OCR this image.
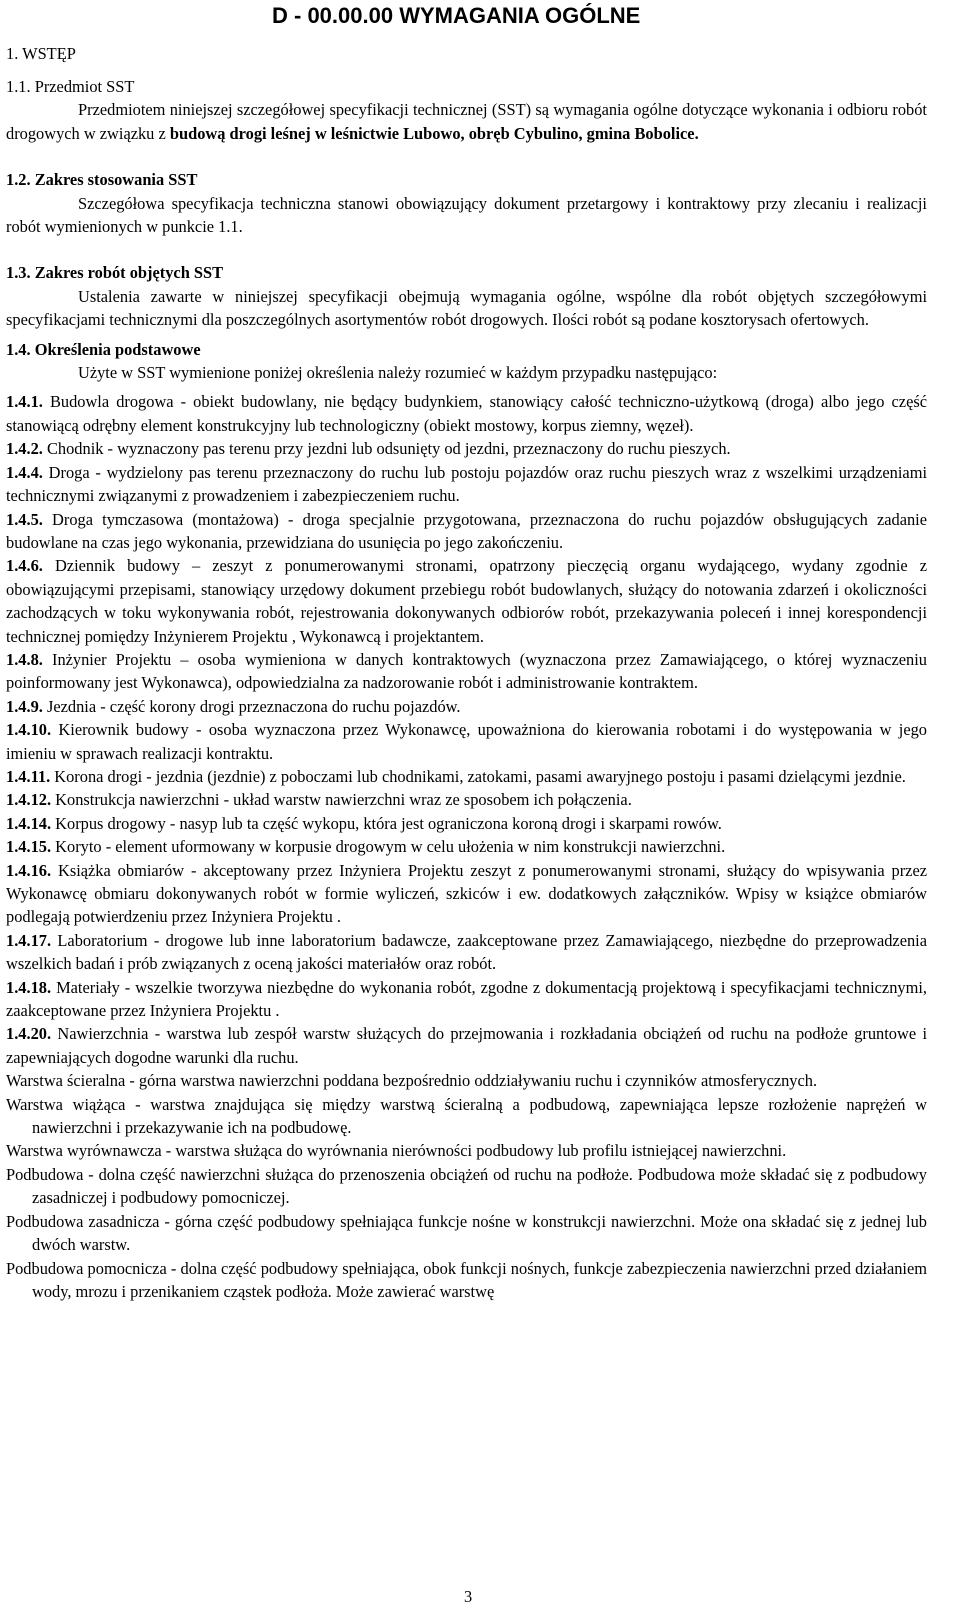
D - 00.00.00 WYMAGANIA OGÓLNE
1. WSTĘP
1.1. Przedmiot SST

Przedmiotem niniejszej szczegółowej specyfikacji technicznej (SST) są wymagania ogólne dotyczące wykonania i odbioru robót drogowych w związku z budową drogi leśnej w leśnictwie Lubowo, obręb Cybulino, gmina Bobolice.

1.2. Zakres stosowania SST

Szczegółowa specyfikacja techniczna stanowi obowiązujący dokument przetargowy i kontraktowy przy zlecaniu i realizacji robót wymienionych w punkcie 1.1.

1.3. Zakres robót objętych SST

Ustalenia zawarte w niniejszej specyfikacji obejmują wymagania ogólne, wspólne dla robót objętych szczegółowymi specyfikacjami technicznymi dla poszczególnych asortymentów robót drogowych. Ilości robót są podane kosztorysach ofertowych.

1.4. Określenia podstawowe

Użyte w SST wymienione poniżej określenia należy rozumieć w każdym przypadku następująco:

1.4.1. Budowla drogowa - obiekt budowlany, nie będący budynkiem, stanowiący całość techniczno-użytkową (droga) albo jego część stanowiącą odrębny element konstrukcyjny lub technologiczny (obiekt mostowy, korpus ziemny, węzeł).

1.4.2. Chodnik - wyznaczony pas terenu przy jezdni lub odsunięty od jezdni, przeznaczony do ruchu pieszych.

1.4.4. Droga - wydzielony pas terenu przeznaczony do ruchu lub postoju pojazdów oraz ruchu pieszych wraz z wszelkimi urządzeniami technicznymi związanymi z prowadzeniem i zabezpieczeniem ruchu.

1.4.5. Droga tymczasowa (montażowa) - droga specjalnie przygotowana, przeznaczona do ruchu pojazdów obsługujących zadanie budowlane na czas jego wykonania, przewidziana do usunięcia po jego zakończeniu.

1.4.6. Dziennik budowy – zeszyt z ponumerowanymi stronami, opatrzony pieczęcią organu wydającego, wydany zgodnie z obowiązującymi przepisami, stanowiący urzędowy dokument przebiegu robót budowlanych, służący do notowania zdarzeń i okoliczności zachodzących w toku wykonywania robót, rejestrowania dokonywanych odbiorów robót, przekazywania poleceń i innej korespondencji technicznej pomiędzy Inżynierem Projektu , Wykonawcą i projektantem.

1.4.8. Inżynier Projektu – osoba wymieniona w danych kontraktowych (wyznaczona przez Zamawiającego, o której wyznaczeniu poinformowany jest Wykonawca), odpowiedzialna za nadzorowanie robót i administrowanie kontraktem.

1.4.9. Jezdnia - część korony drogi przeznaczona do ruchu pojazdów.

1.4.10. Kierownik budowy - osoba wyznaczona przez Wykonawcę, upoważniona do kierowania robotami i do występowania w jego imieniu w sprawach realizacji kontraktu.

1.4.11. Korona drogi - jezdnia (jezdnie) z poboczami lub chodnikami, zatokami, pasami awaryjnego postoju i pasami dzielącymi jezdnie.

1.4.12. Konstrukcja nawierzchni - układ warstw nawierzchni wraz ze sposobem ich połączenia.

1.4.14. Korpus drogowy - nasyp lub ta część wykopu, która jest ograniczona koroną drogi i skarpami rowów.

1.4.15. Koryto - element uformowany w korpusie drogowym w celu ułożenia w nim konstrukcji nawierzchni.

1.4.16. Książka obmiarów - akceptowany przez Inżyniera Projektu zeszyt z ponumerowanymi stronami, służący do wpisywania przez Wykonawcę obmiaru dokonywanych robót w formie wyliczeń, szkiców i ew. dodatkowych załączników. Wpisy w książce obmiarów podlegają potwierdzeniu przez Inżyniera Projektu .

1.4.17. Laboratorium - drogowe lub inne laboratorium badawcze, zaakceptowane przez Zamawiającego, niezbędne do przeprowadzenia wszelkich badań i prób związanych z oceną jakości materiałów oraz robót.

1.4.18. Materiały - wszelkie tworzywa niezbędne do wykonania robót, zgodne z dokumentacją projektową i specyfikacjami technicznymi, zaakceptowane przez Inżyniera Projektu .

1.4.20. Nawierzchnia - warstwa lub zespół warstw służących do przejmowania i rozkładania obciążeń od ruchu na podłoże gruntowe i zapewniających dogodne warunki dla ruchu.

Warstwa ścieralna - górna warstwa nawierzchni poddana bezpośrednio oddziaływaniu ruchu i czynników atmosferycznych.

Warstwa wiążąca - warstwa znajdująca się między warstwą ścieralną a podbudową, zapewniająca lepsze rozłożenie naprężeń w nawierzchni i przekazywanie ich na podbudowę.

Warstwa wyrównawcza - warstwa służąca do wyrównania nierówności podbudowy lub profilu istniejącej nawierzchni.

Podbudowa - dolna część nawierzchni służąca do przenoszenia obciążeń od ruchu na podłoże. Podbudowa może składać się z podbudowy zasadniczej i podbudowy pomocniczej.

Podbudowa zasadnicza - górna część podbudowy spełniająca funkcje nośne w konstrukcji nawierzchni. Może ona składać się z jednej lub dwóch warstw.

Podbudowa pomocnicza - dolna część podbudowy spełniająca, obok funkcji nośnych, funkcje zabezpieczenia nawierzchni przed działaniem wody, mrozu i przenikaniem cząstek podłoża. Może zawierać warstwę

3
